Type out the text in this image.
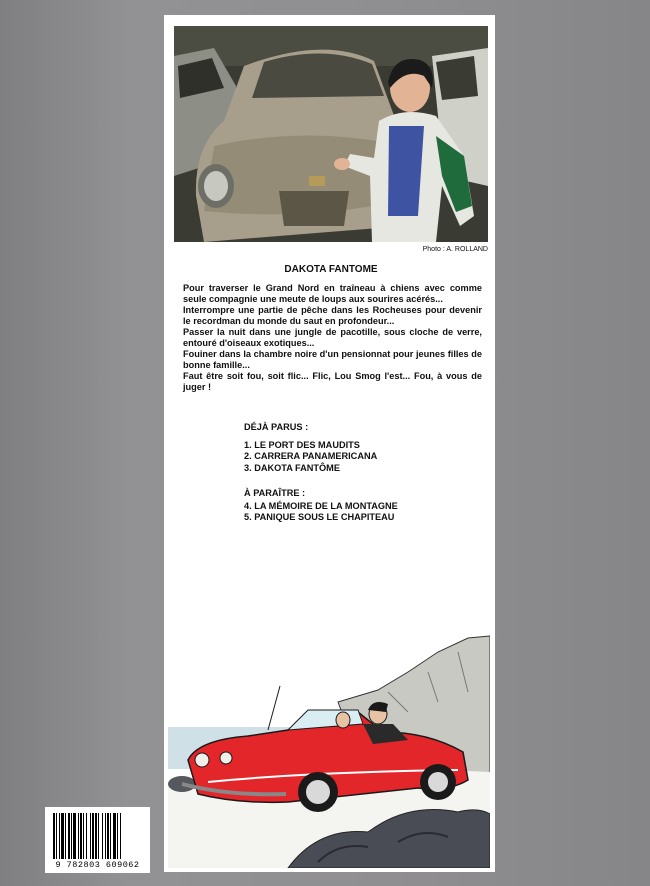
Photo : A. ROLLAND
DAKOTA FANTOME

Pour traverser le Grand Nord en traîneau à chiens avec comme seule compagnie une meute de loups aux sourires acérés...

Interrompre une partie de pêche dans les Rocheuses pour devenir le recordman du monde du saut en profondeur...

Passer la nuit dans une jungle de pacotille, sous cloche de verre, entouré d'oiseaux exotiques...

Fouiner dans la chambre noire d'un pensionnat pour jeunes filles de bonne famille...

Faut être soit fou, soit flic... Flic, Lou Smog l'est... Fou, à vous de juger !

DÉJÀ PARUS :
1. LE PORT DES MAUDITS
2. CARRERA PANAMERICANA
3. DAKOTA FANTÔME
À PARAÎTRE :
4. LA MÉMOIRE DE LA MONTAGNE
5. PANIQUE SOUS LE CHAPITEAU
9 782803 609062
